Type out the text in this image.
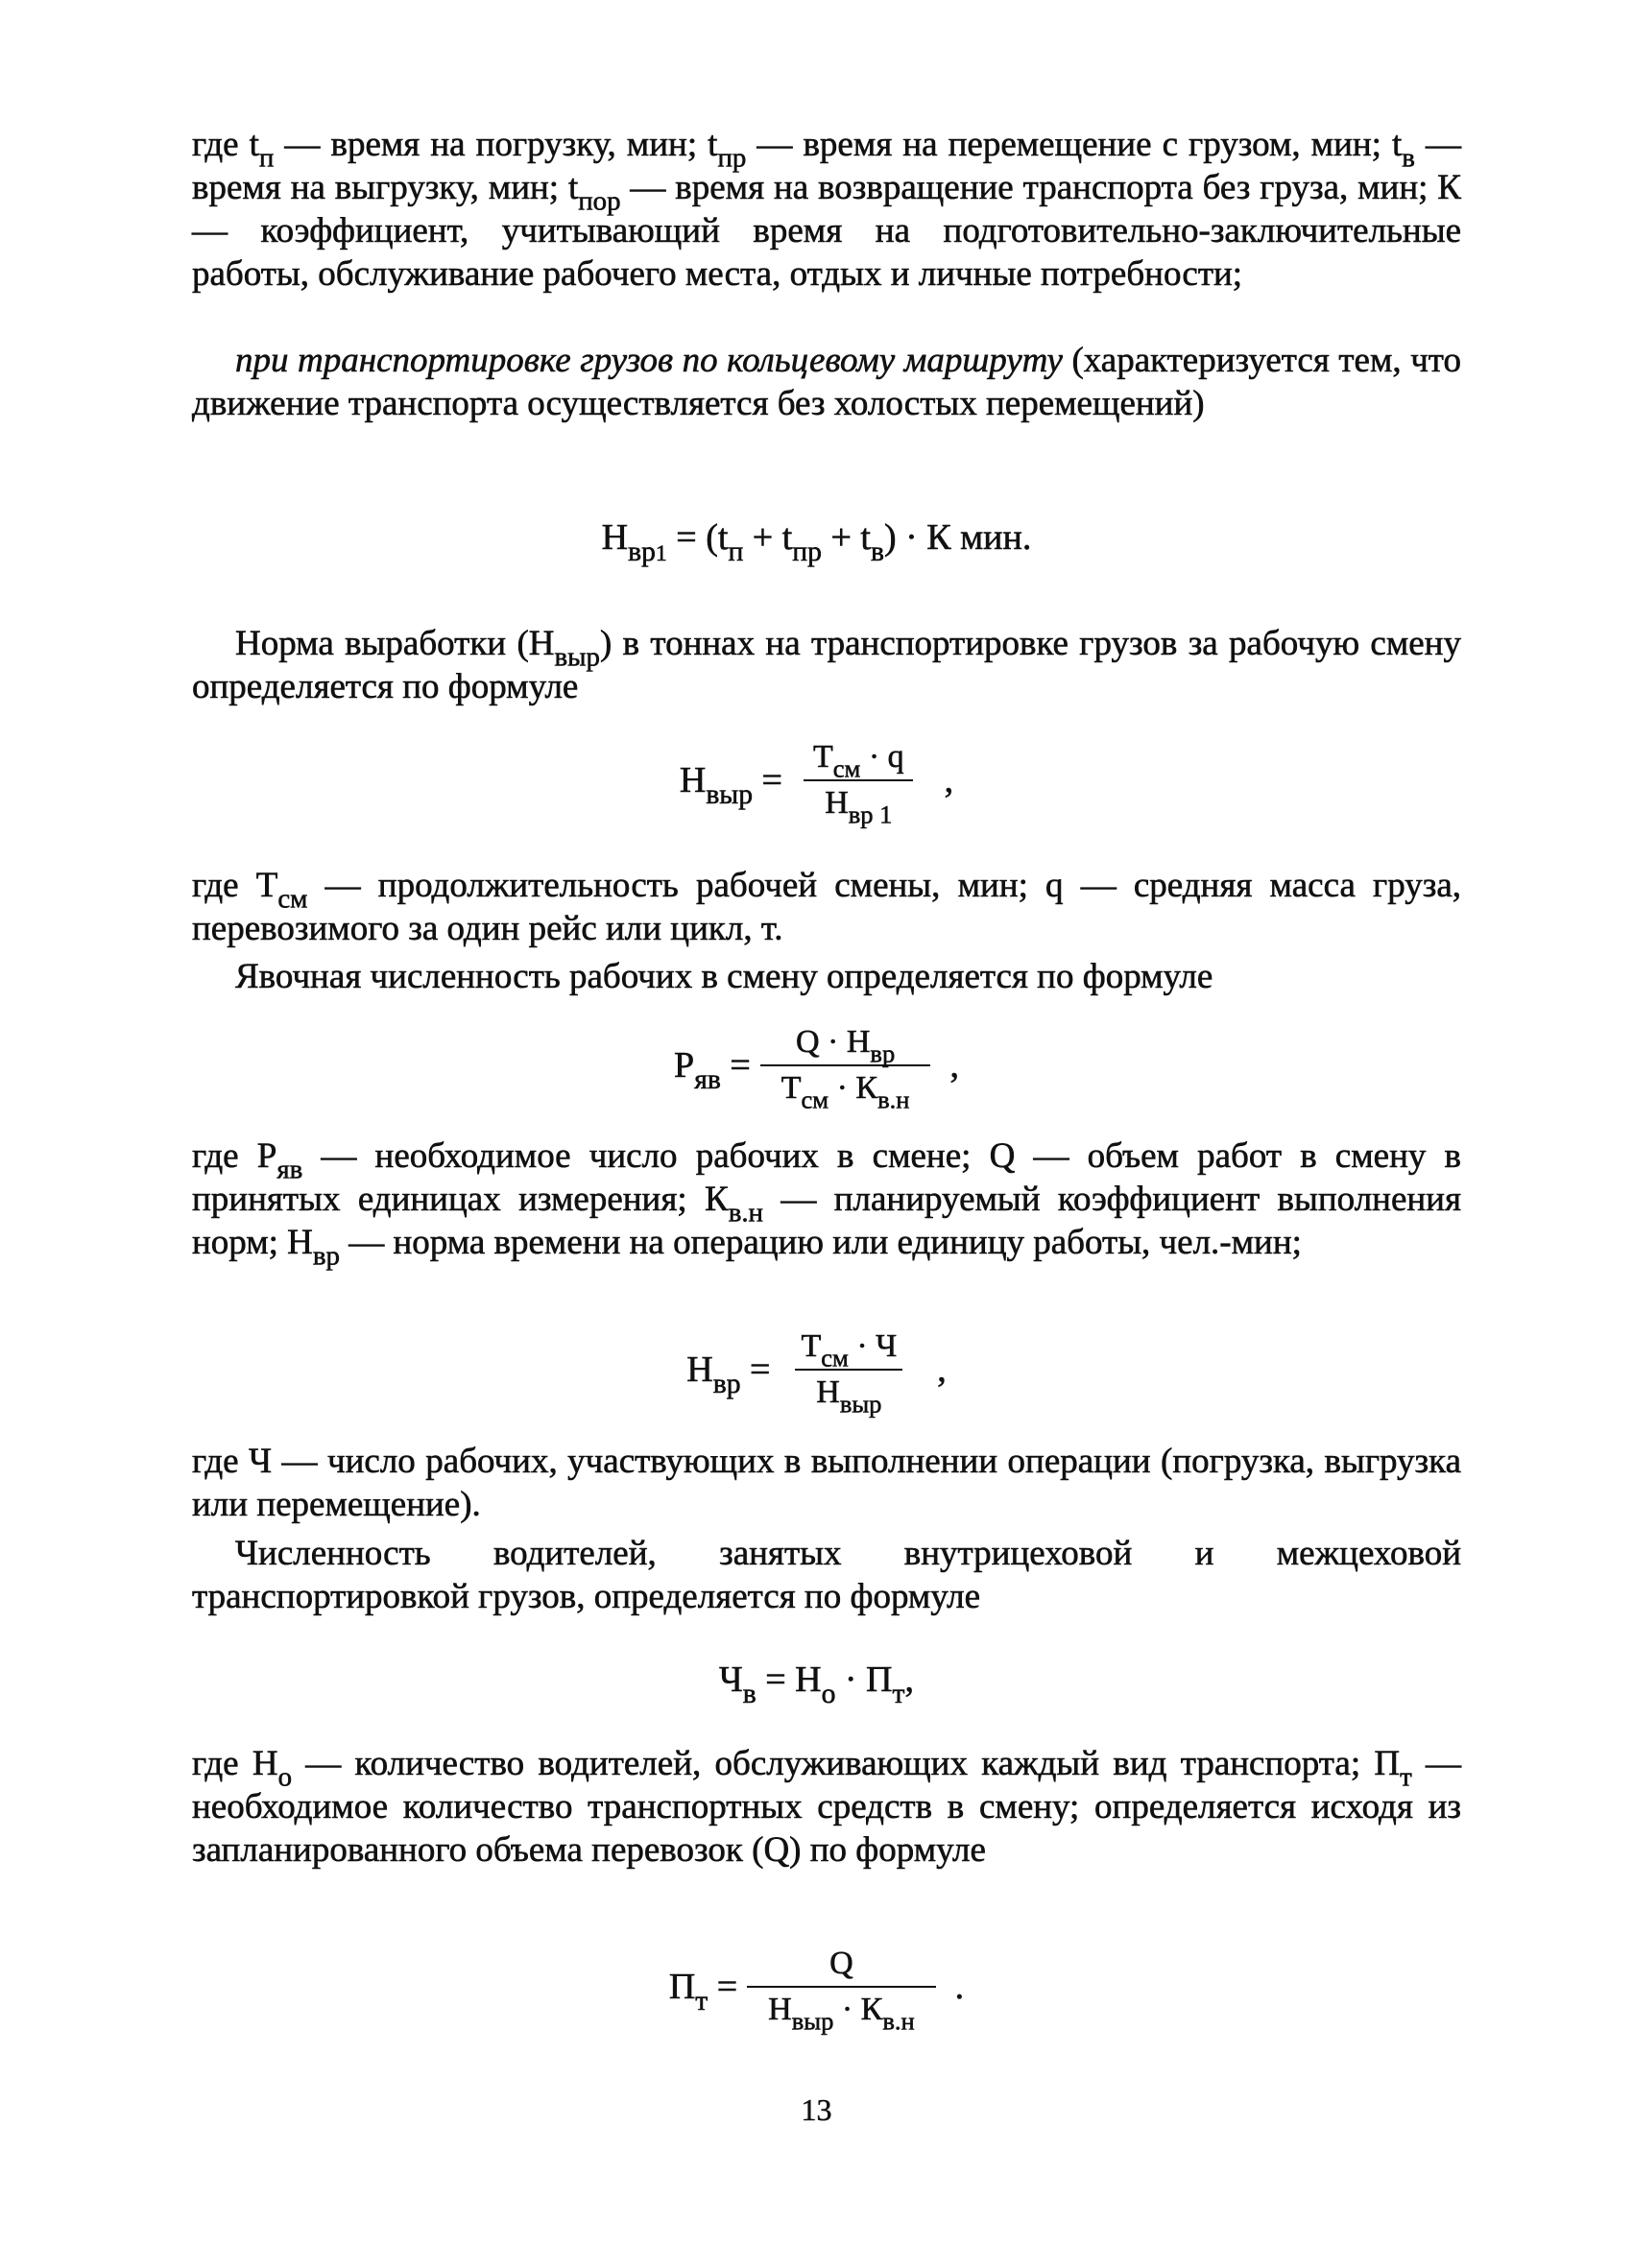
где $t_п$ — время на погрузку, мин; $t_{пр}$ — время на перемещение с грузом, мин; $t_в$ — время на выгрузку, мин; $t_{пор}$ — время на возвращение транспорта без груза, мин; К — коэффициент, учитывающий время на подготовительно-заключительные работы, обслуживание рабочего места, отдых и личные потребности;

при транспортировке грузов по кольцевому маршруту (характеризуется тем, что движение транспорта осуществляется без холостых перемещений)

$Н_{вр1} = (t_п + t_{пр} + t_в) \cdot К$ мин.

Норма выработки $(Н_{выр})$ в тоннах на транспортировке грузов за рабочую смену определяется по формуле

$Н_{выр} = \frac{Т_{см} \cdot q}{Н_{вр 1}}$ ,

где $Т_{см}$ — продолжительность рабочей смены, мин; q — средняя масса груза, перевозимого за один рейс или цикл, т.

Явочная численность рабочих в смену определяется по формуле

$Р_{яв} = \frac{Q \cdot Н_{вр}}{Т_{см} \cdot К_{в.н}}$ ,

где $Р_{яв}$ — необходимое число рабочих в смене; Q — объем работ в смену в принятых единицах измерения; $К_{в.н}$ — планируемый коэффициент выполнения норм; $Н_{вр}$ — норма времени на операцию или единицу работы, чел.-мин;

$Н_{вр} = \frac{Т_{см} \cdot Ч}{Н_{выр}}$ ,

где Ч — число рабочих, участвующих в выполнении операции (погрузка, выгрузка или перемещение).

Численность водителей, занятых внутрицеховой и межцеховой транспортировкой грузов, определяется по формуле

$Ч_в = Н_о \cdot П_т$,

где $Н_о$ — количество водителей, обслуживающих каждый вид транспорта; $П_т$ — необходимое количество транспортных средств в смену; определяется исходя из запланированного объема перевозок (Q) по формуле

$П_т = \frac{Q}{Н_{выр} \cdot К_{в.н}}$ .
13
